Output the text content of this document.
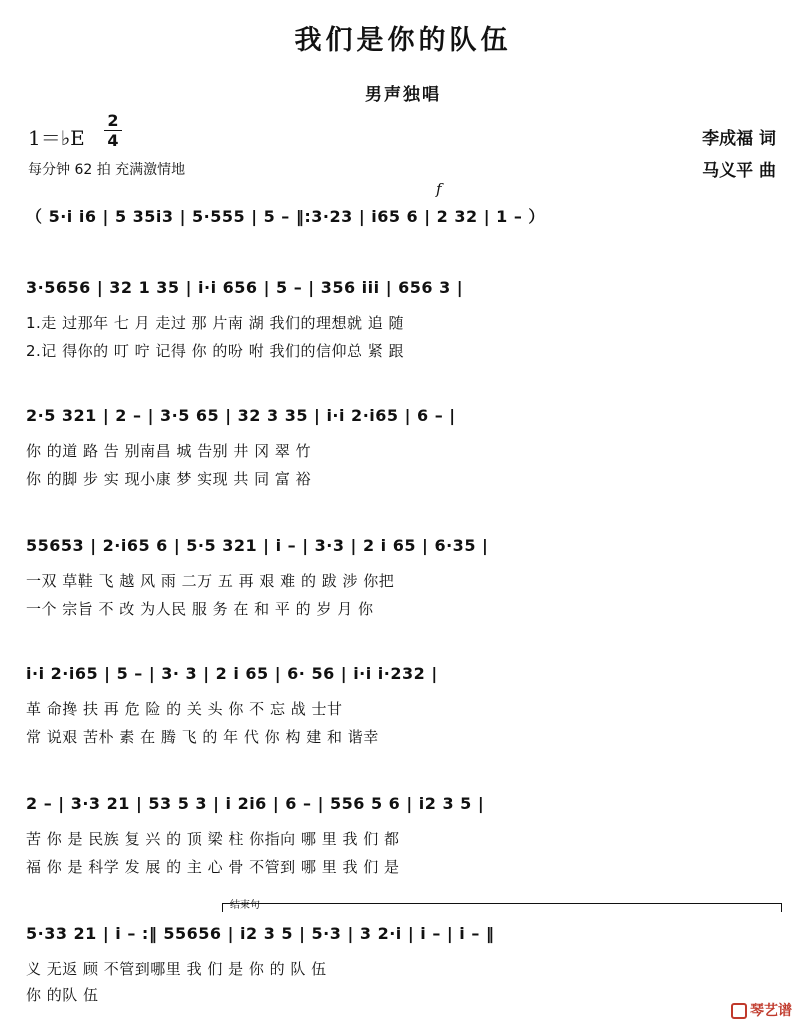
我们是你的队伍
男声独唱
1＝♭E
2
4
每分钟 62 拍 充满激情地
李成福 词
马义平 曲
f
（ 5·i i6 | 5 35i3 | 5·555 | 5 – ‖:3·23 | i65 6 | 2 32 | 1 – ）
3·5656 | 32 1 35 | i·i 656 | 5 – | 356 iii | 656 3 |
1.走 过那年 七 月 走过 那 片南 湖 我们的理想就 追 随
2.记 得你的 叮 咛 记得 你 的吩 咐 我们的信仰总 紧 跟
2·5 321 | 2 – | 3·5 65 | 32 3 35 | i·i 2·i65 | 6 – |
你 的道 路 告 别南昌 城 告别 井 冈 翠 竹
你 的脚 步 实 现小康 梦 实现 共 同 富 裕
55653 | 2·i65 6 | 5·5 321 | i – | 3·3 | 2 i 65 | 6·35 |
一双 草鞋 飞 越 风 雨 二万 五 再 艰 难 的 跋 涉 你把
一个 宗旨 不 改 为人民 服 务 在 和 平 的 岁 月 你
i·i 2·i65 | 5 – | 3· 3 | 2 i 65 | 6· 56 | i·i i·232 |
革 命搀 扶 再 危 险 的 关 头 你 不 忘 战 士甘
常 说艰 苦朴 素 在 腾 飞 的 年 代 你 构 建 和 谐幸
2 – | 3·3 21 | 53 5 3 | i 2i6 | 6 – | 556 5 6 | i2 3 5 |
苦 你 是 民族 复 兴 的 顶 梁 柱 你指向 哪 里 我 们 都
福 你 是 科学 发 展 的 主 心 骨 不管到 哪 里 我 们 是
结束句
5·33 21 | i – :‖ 55656 | i2 3 5 | 5·3 | 3 2·i | i – | i – ‖
义 无返 顾 不管到哪里 我 们 是 你 的 队 伍
你 的队 伍
琴艺谱
